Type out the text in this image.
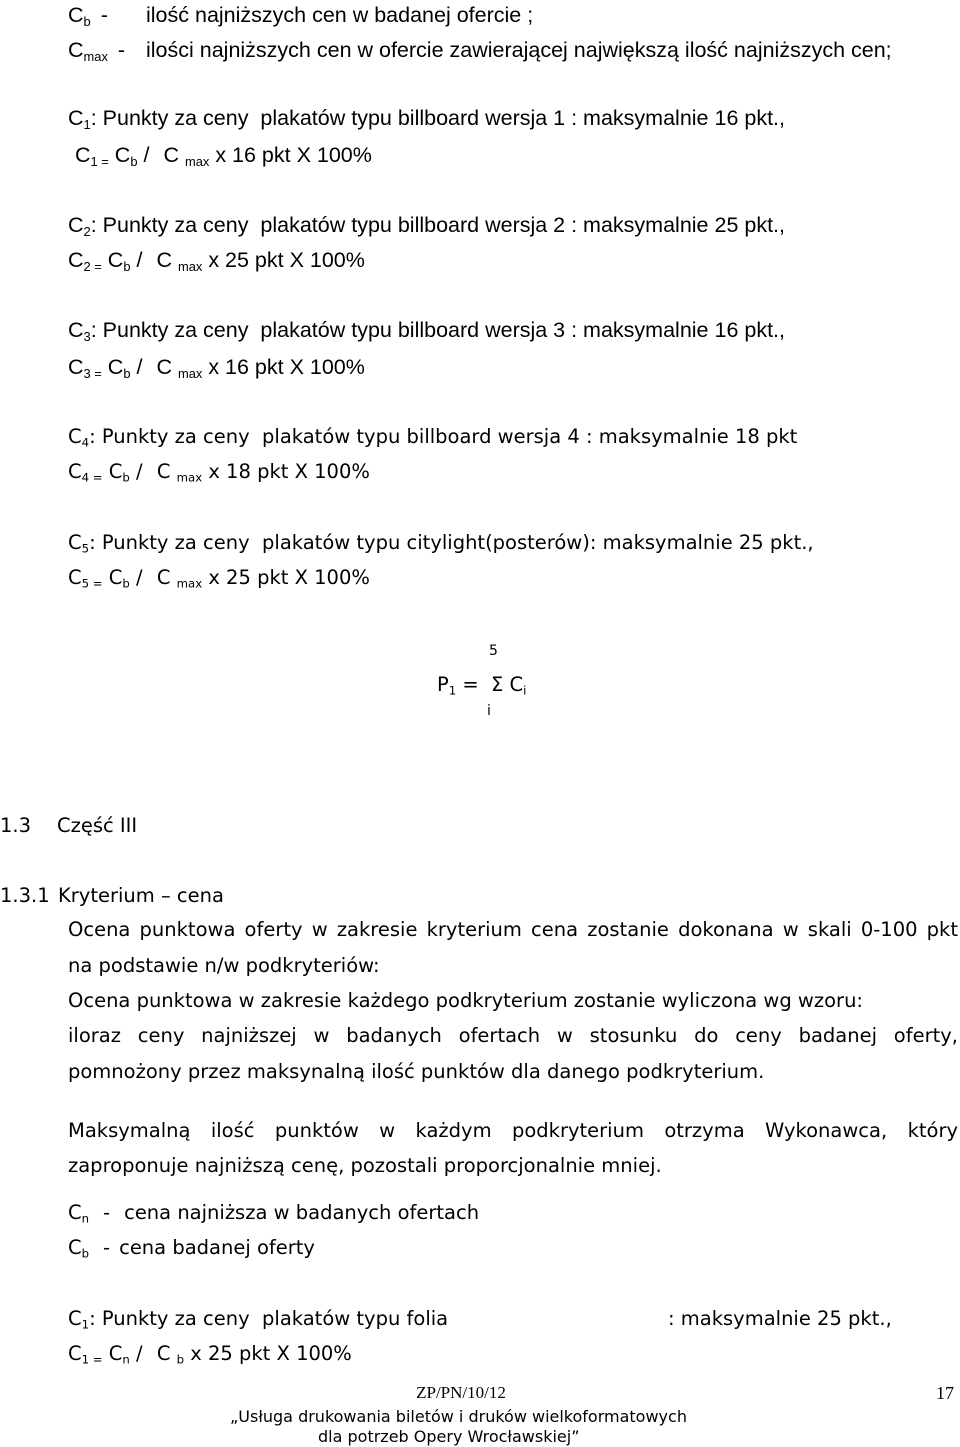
$C_b$ - ilość najniższych cen w badanej ofercie ;
$C_{max}$ - ilości najniższych cen w ofercie zawierającej największą ilość najniższych cen;
$C_1$: Punkty za ceny  plakatów typu billboard wersja 1 : maksymalnie 16 pkt.,
$C_{1 =}$ $C_b$ / C $_{max}$ x 16 pkt X 100%
$C_2$: Punkty za ceny  plakatów typu billboard wersja 2 : maksymalnie 25 pkt.,
$C_{2 =}$ $C_b$ / C $_{max}$ x 25 pkt X 100%
$C_3$: Punkty za ceny  plakatów typu billboard wersja 3 : maksymalnie 16 pkt.,
$C_{3 =}$ $C_b$ / C $_{max}$ x 16 pkt X 100%
$C_4$: Punkty za ceny  plakatów typu billboard wersja 4 : maksymalnie 18 pkt
$C_{4 =}$ $C_b$ / C $_{max}$ x 18 pkt X 100%
$C_5$: Punkty za ceny  plakatów typu citylight(posterów): maksymalnie 25 pkt.,
$C_{5 =}$ $C_b$ / C $_{max}$ x 25 pkt X 100%
5
$P_1 = \Sigma$ $C_i$
i
1.3 Część III
1.3.1 Kryterium – cena
Ocena punktowa oferty w zakresie kryterium cena zostanie dokonana w skali 0-100 pkt
na podstawie n/w podkryteriów:
Ocena punktowa w zakresie każdego podkryterium zostanie wyliczona wg wzoru:
iloraz ceny najniższej w badanych ofertach w stosunku do ceny badanej oferty,
pomnożony przez maksynalną ilość punktów dla danego podkryterium.
Maksymalną ilość punktów w każdym podkryterium otrzyma Wykonawca, który
zaproponuje najniższą cenę, pozostali proporcjonalnie mniej.
$C_n$ - cena najniższa w badanych ofertach
$C_b$ - cena badanej oferty
$C_1$: Punkty za ceny  plakatów typu folia	: maksymalnie 25 pkt.,
$C_{1 =}$ $C_n$ / C $_b$ x 25 pkt X 100%
ZP/PN/10/12	17
„Usługa drukowania biletów i druków wielkoformatowych
dla potrzeb Opery Wrocławskiej”
